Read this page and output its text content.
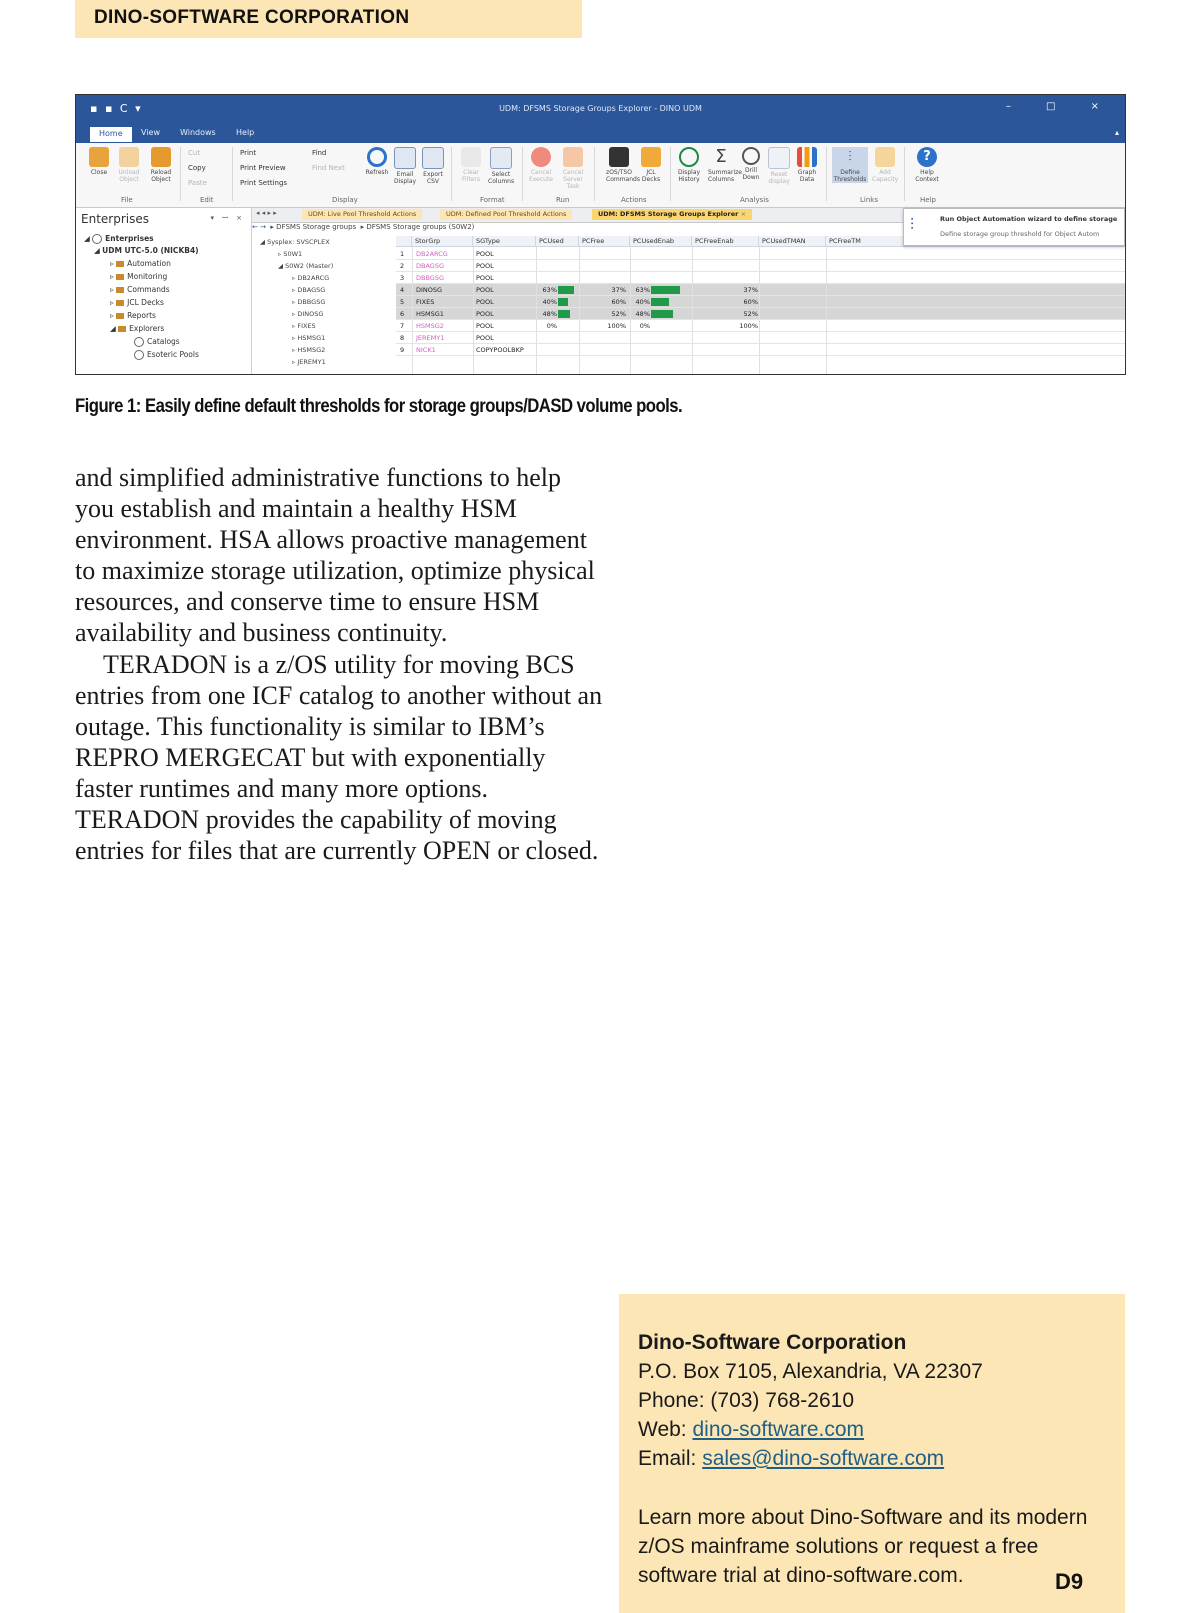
DINO-SOFTWARE CORPORATION
▪ ▪ C ▾	UDM: DFSMS Storage Groups Explorer - DINO UDM	– □ ×
Home	View	Windows	Help	▴
Close	Unload Object
Reload Object
File
Cut
Copy
Paste
Edit
Print
Print Preview
Print Settings
Find
Find Next
Refresh	Email Display
Export CSV
Display
Clear Filters
Select Columns
Format
Cancel Execute
Cancel Server Task
Run
zOS/TSO Commands
JCL Decks
Actions
Display History
Σ
Summarize Columns
Drill Down	Reset display
Graph Data
Analysis
⫶
Define Thresholds
Add Capacity
Links
?
Help Context
Help
Enterprises	▾ ꟷ ×
◢ Enterprises
◢ UDM UTC-5.0 (NICKB4)
▹ Automation
▹ Monitoring
▹ Commands
▹ JCL Decks
▹ Reports
◢ Explorers
Catalogs
Esoteric Pools
◂ ◂ ▸ ▸	UDM: Live Pool Threshold Actions	UDM: Defined Pool Threshold Actions	UDM: DFSMS Storage Groups Explorer ×
← →  ▸ DFSMS Storage groups  ▸ DFSMS Storage groups (S0W2)
◢ Sysplex: SVSCPLEX
▹ S0W1
◢ S0W2 (Master)
▹ DB2ARCG
▹ DBAGSG
▹ DBBGSG
▹ DINOSG
▹ FIXES
▹ HSMSG1
▹ HSMSG2
▹ JEREMY1
StorGrp	SGType	PCUsed	PCFree	PCUsedEnab	PCFreeEnab	PCUsedTMAN	PCFreeTM
1 DB2ARCG	POOL
2 DBAGSG	POOL
3 DBBGSG	POOL
4 DINOSG	POOL	63%	37%	63%	37%
5 FIXES	POOL	40%	60%	40%	60%
6 HSMSG1	POOL	48%	52%	48%	52%
7 HSMSG2	POOL	0%	100%	0%	100%
8 JEREMY1	POOL
9 NICK1	COPYPOOLBKP
⫶	Run Object Automation wizard to define storage
Define storage group threshold for Object Autom
Figure 1: Easily define default thresholds for storage groups/DASD volume pools.

and simplified administrative functions to help you establish and maintain a healthy HSM environment. HSA allows proactive management to maximize storage utilization, optimize physical resources, and conserve time to ensure HSM availability and business continuity.

TERADON is a z/OS utility for moving BCS entries from one ICF catalog to another without an outage. This functionality is similar to IBM’s REPRO MERGECAT but with exponentially faster runtimes and many more options. TERADON provides the capability of moving entries for files that are currently OPEN or closed.

Dino-Software Corporation
P.O. Box 7105, Alexandria, VA 22307
Phone: (703) 768-2610
Web: dino-software.com
Email: sales@dino-software.com
Learn more about Dino-Software and its modern z/OS mainframe solutions or request a free software trial at dino-software.com.	D9
